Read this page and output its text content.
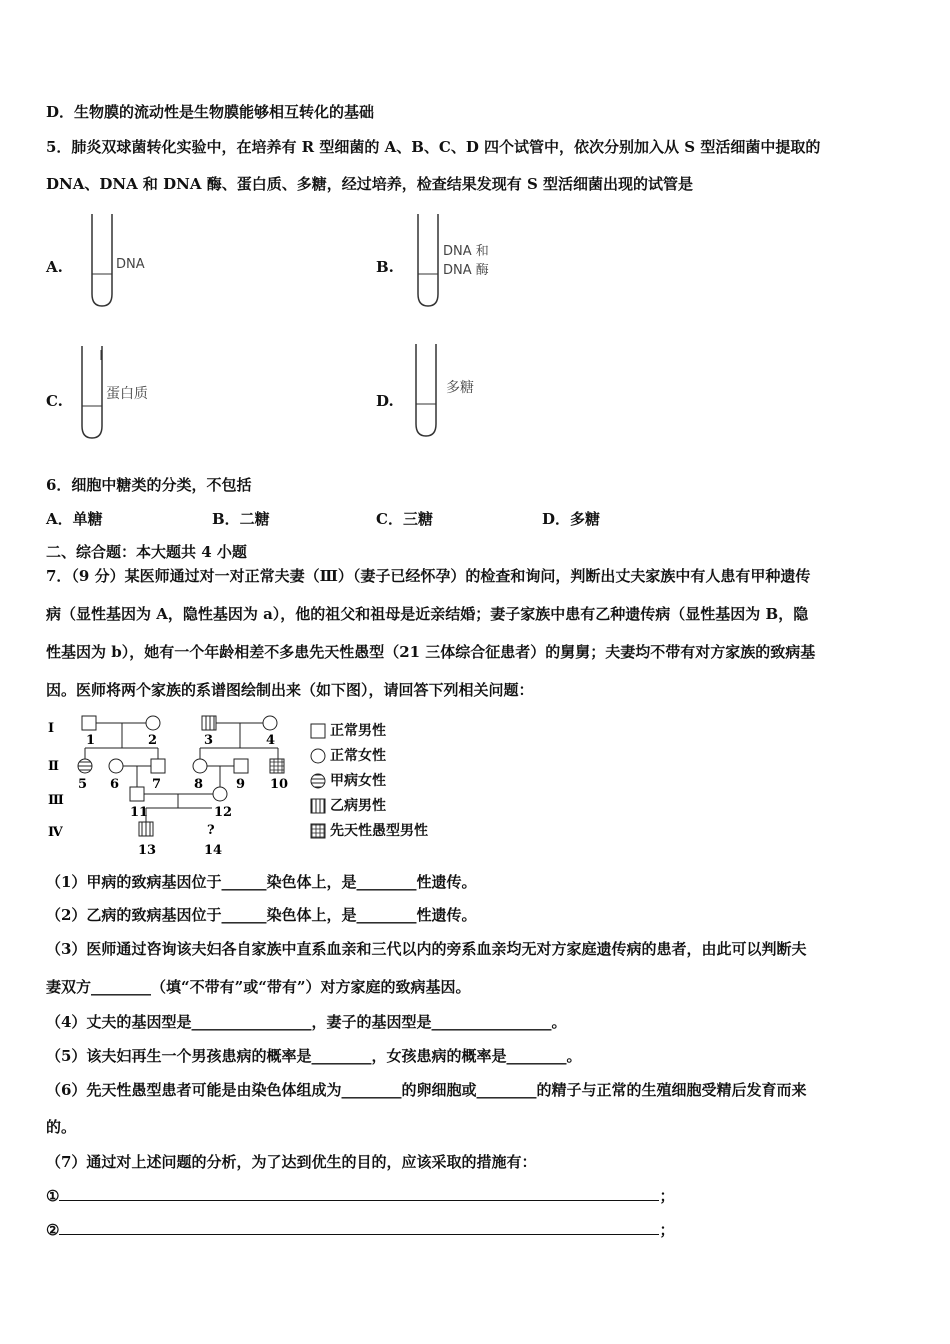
D．生物膜的流动性是生物膜能够相互转化的基础
5．肺炎双球菌转化实验中，在培养有 R 型细菌的 A、B、C、D 四个试管中，依次分别加入从 S 型活细菌中提取的
DNA、DNA 和 DNA 酶、蛋白质、多糖，经过培养，检查结果发现有 S 型活细菌出现的试管是
A.	DNA	B.
DNA 和
DNA 酶
C.	蛋白质	D.
多糖
6．细胞中糖类的分类，不包括
A．单糖	B．二糖	C．三糖	D．多糖
二、综合题：本大题共 4 小题
7．（9 分）某医师通过对一对正常夫妻（Ⅲ）（妻子已经怀孕）的检查和询问，判断出丈夫家族中有人患有甲种遗传
病（显性基因为 A，隐性基因为 a），他的祖父和祖母是近亲结婚；妻子家族中患有乙种遗传病（显性基因为 B，隐
性基因为 b），她有一个年龄相差不多患先天性愚型（21 三体综合征患者）的舅舅；夫妻均不带有对方家族的致病基
因。医师将两个家族的系谱图绘制出来（如下图），请回答下列相关问题：
Ⅰ
Ⅱ
Ⅲ
Ⅳ
1	2	3	4
5 6	7	8	9 10
11	12
?
13	14
正常男性
正常女性
甲病女性
乙病男性
先天性愚型男性
（1）甲病的致病基因位于______染色体上，是________性遗传。
（2）乙病的致病基因位于______染色体上，是________性遗传。
（3）医师通过咨询该夫妇各自家族中直系血亲和三代以内的旁系血亲均无对方家庭遗传病的患者，由此可以判断夫
妻双方________（填“不带有”或“带有”）对方家庭的致病基因。
（4）丈夫的基因型是________________，妻子的基因型是________________。
（5）该夫妇再生一个男孩患病的概率是________，女孩患病的概率是________。
（6）先天性愚型患者可能是由染色体组成为________的卵细胞或________的精子与正常的生殖细胞受精后发育而来
的。
（7）通过对上述问题的分析，为了达到优生的目的，应该采取的措施有：
①	；
②	；
